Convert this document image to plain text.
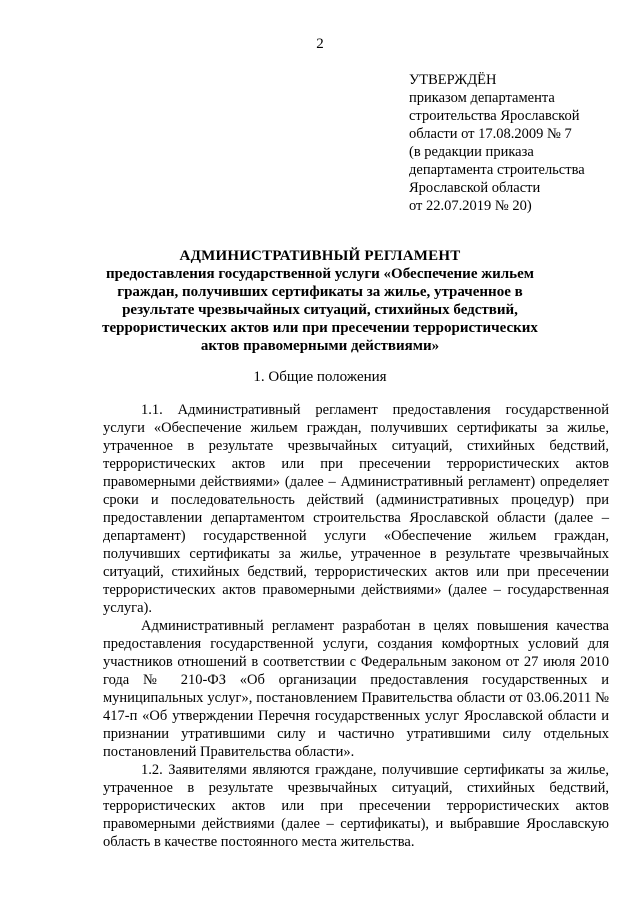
2
УТВЕРЖДЁН
приказом департамента
строительства Ярославской
области от 17.08.2009 № 7
(в редакции приказа
департамента строительства
Ярославской области
от 22.07.2019 № 20)
АДМИНИСТРАТИВНЫЙ РЕГЛАМЕНТ
предоставления государственной услуги «Обеспечение жильем граждан, получивших сертификаты за жилье, утраченное в результате чрезвычайных ситуаций, стихийных бедствий, террористических актов или при пресечении террористических актов правомерными действиями»
1. Общие положения

1.1. Административный регламент предоставления государственной услуги «Обеспечение жильем граждан, получивших сертификаты за жилье, утраченное в результате чрезвычайных ситуаций, стихийных бедствий, террористических актов или при пресечении террористических актов правомерными действиями» (далее – Административный регламент) определяет сроки и последовательность действий (административных процедур) при предоставлении департаментом строительства Ярославской области (далее – департамент) государственной услуги «Обеспечение жильем граждан, получивших сертификаты за жилье, утраченное в результате чрезвычайных ситуаций, стихийных бедствий, террористических актов или при пресечении террористических актов правомерными действиями» (далее – государственная услуга).

Административный регламент разработан в целях повышения качества предоставления государственной услуги, создания комфортных условий для участников отношений в соответствии с Федеральным законом от 27 июля 2010 года № 210-ФЗ «Об организации предоставления государственных и муниципальных услуг», постановлением Правительства области от 03.06.2011 № 417-п «Об утверждении Перечня государственных услуг Ярославской области и признании утратившими силу и частично утратившими силу отдельных постановлений Правительства области».

1.2. Заявителями являются граждане, получившие сертификаты за жилье, утраченное в результате чрезвычайных ситуаций, стихийных бедствий, террористических актов или при пресечении террористических актов правомерными действиями (далее – сертификаты), и выбравшие Ярославскую область в качестве постоянного места жительства.
